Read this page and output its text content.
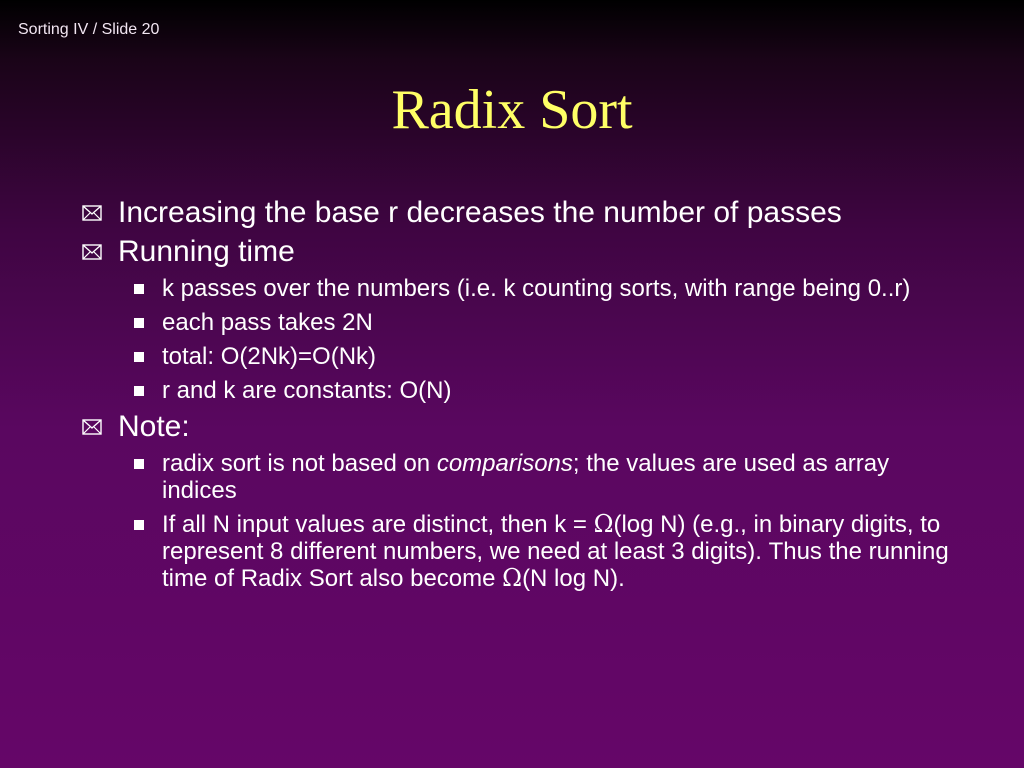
Sorting IV / Slide 20
Radix Sort
Increasing the base r decreases the number of passes
Running time
k passes over the numbers (i.e. k counting sorts, with range being 0..r)
each pass takes 2N
total: O(2Nk)=O(Nk)
r and k are constants: O(N)
Note:
radix sort is not based on comparisons; the values are used as array indices
If all N input values are distinct, then k = Ω(log N) (e.g., in binary digits, to represent 8 different numbers, we need at least 3 digits). Thus the running time of Radix Sort also become Ω(N log N).
